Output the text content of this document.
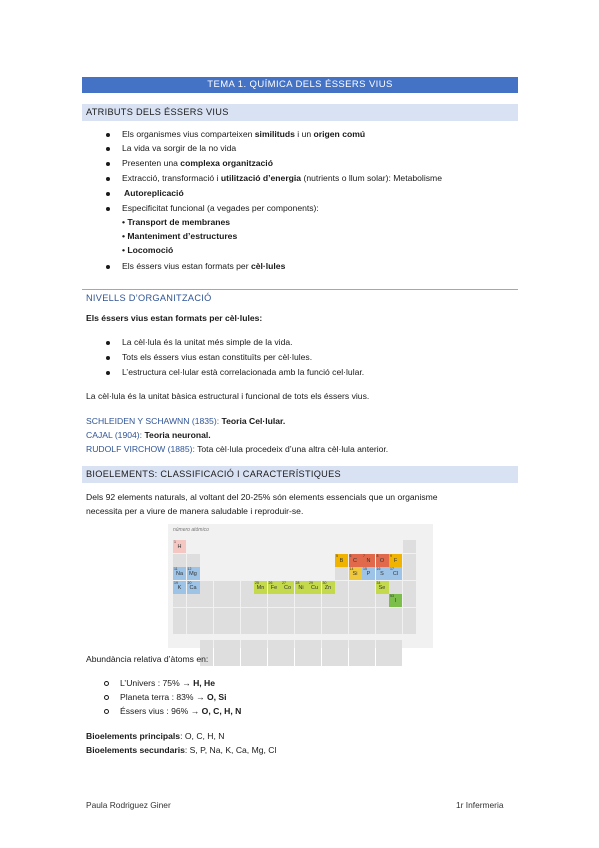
TEMA 1. QUÍMICA DELS ÉSSERS VIUS
ATRIBUTS DELS ÉSSERS VIUS
Els organismes vius comparteixen similituds i un origen comú
La vida va sorgir de la no vida
Presenten una complexa organització
Extracció, transformació i utilització d’energia (nutrients o llum solar): Metabolisme
Autoreplicació
Especificitat funcional (a vegades per components):
• Transport de membranes
• Manteniment d’estructures
• Locomoció
Els éssers vius estan formats per cèl·lules
NIVELLS D’ORGANITZACIÓ
Els éssers vius estan formats per cèl·lules:
La cèl·lula és la unitat més simple de la vida.
Tots els éssers vius estan constituïts per cèl·lules.
L’estructura cel·lular està correlacionada amb la funció cel·lular.
La cèl·lula és la unitat bàsica estructural i funcional de tots els éssers vius.
SCHLEIDEN Y SCHAWNN (1835): Teoria Cel·lular.
CAJAL (1904): Teoria neuronal.
RUDOLF VIRCHOW (1885): Tota cèl·lula procedeix d’una altra cèl·lula anterior.
BIOELEMENTS: CLASSIFICACIÓ I CARACTERÍSTIQUES
Dels 92 elements naturals, al voltant del 20-25% són elements essencials que un organisme
necessita per a viure de manera saludable i reproduir-se.
número atómico
H
1
B
5
C
6
N
7
O
8
F
9
Na
11
Mg
12
Si
14
P
15
S
16
Cl
17
K
19
Ca
20
Mn
25
Fe
26
Co
27
Ni
28
Cu
29
Zn
30
Se
34
I
53
Abundància relativa d’àtoms en:
L’Univers : 75% → H, He
Planeta terra : 83% → O, Si
Éssers vius : 96% → O, C, H, N
Bioelements principals: O, C, H, N
Bioelements secundaris: S, P, Na, K, Ca, Mg, Cl
Paula Rodriguez Giner	1r Infermeria
